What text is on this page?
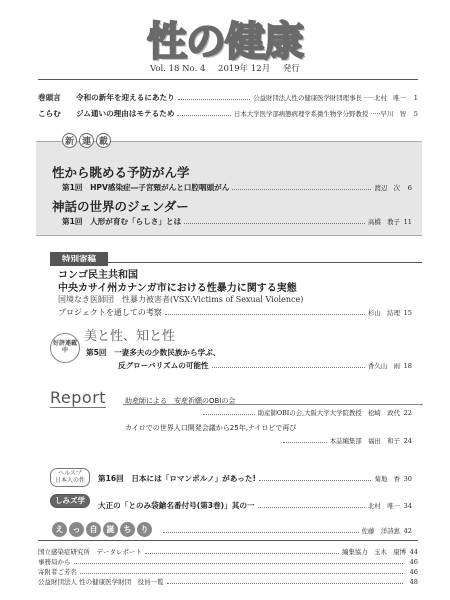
性の健康
Vol. 18 No. 4 2019年 12月 発行
巻頭言	令和の新年を迎えるにあたり	公益財団法人性の健康医学財団理事長 ·····北村　唯一	1
こらむ	ジム通いの理由はモテるため	日本大学医学部病態病理学系微生物学分野教授 ·····早川　智	5
新 連 載
性から眺める予防がん学
第1回　HPV感染症―子宮頸がんと口腔咽頭がん	渡辺　次	6
神話の世界のジェンダー
第1回　人形が育む「らしさ」とは	高橋　教子 11
特別寄稿
コンゴ民主共和国
中央カサイ州カナンガ市における性暴力に関する実態
国境なき医師団　性暴力被害者(VSX:Victims of Sexual Violence)
プロジェクトを通しての考察	杉山　結理 15
好評連載中
美と性、知と性
第5回　一妻多夫の少数民族から学ぶ、
反グローバリズムの可能性	香久山　雨 18
Report	助産師による　安産祈願のOBIの会
助産師OBIの会,大阪大学大学院教授　松崎　政代 22
カイロでの世界人口開発会議から25年,ナイロビで再び
本誌編集部　福田　和子 24
ヘルスプ
日本人の性	第16回　日本には「ロマンポルノ」があった!	菊地　香 30
しみズ学
大正の「とのみ袋鎗名番付号(第3巻)」其の一	北村　唯一 34
え	っ	自	誕	ち	り	佐藤　洋詩恵 42
国立感染症研究所　データレポート	編集協力　玉木　康博 44
事務局から	46
寄附者ご芳名	46
公益財団法人 性の健康医学財団　役員一覧	48
